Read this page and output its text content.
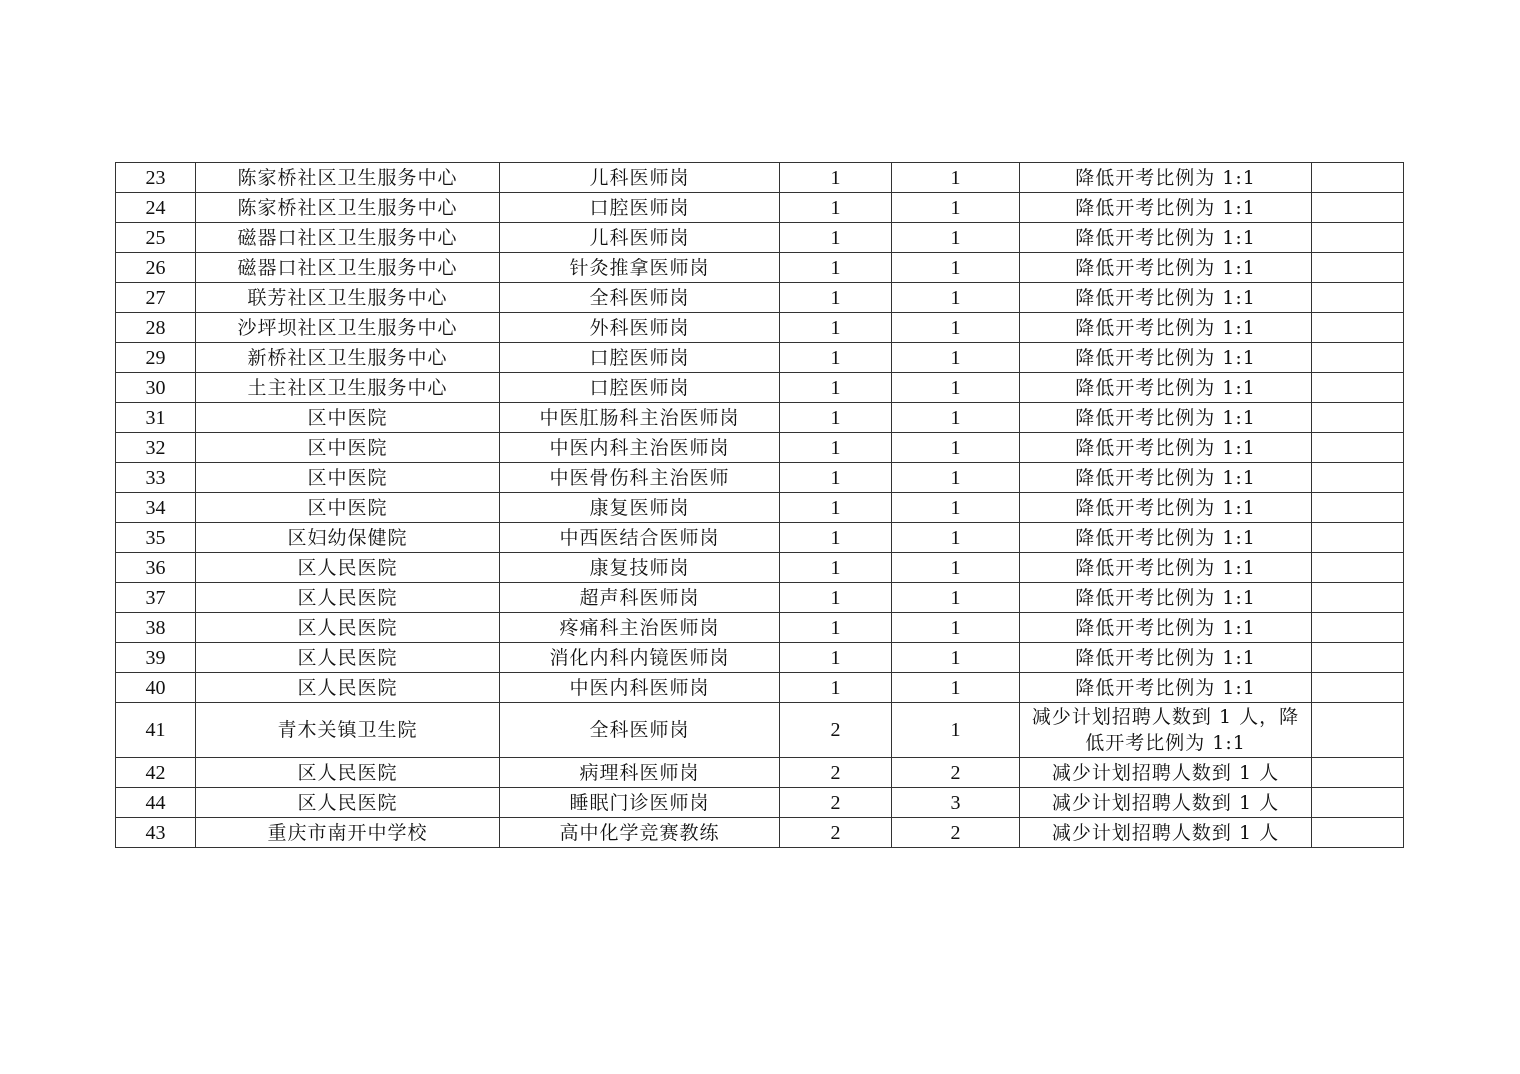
23	陈家桥社区卫生服务中心	儿科医师岗	1	1	降低开考比例为 1:1	
24	陈家桥社区卫生服务中心	口腔医师岗	1	1	降低开考比例为 1:1	
25	磁器口社区卫生服务中心	儿科医师岗	1	1	降低开考比例为 1:1	
26	磁器口社区卫生服务中心	针灸推拿医师岗	1	1	降低开考比例为 1:1	
27	联芳社区卫生服务中心	全科医师岗	1	1	降低开考比例为 1:1	
28	沙坪坝社区卫生服务中心	外科医师岗	1	1	降低开考比例为 1:1	
29	新桥社区卫生服务中心	口腔医师岗	1	1	降低开考比例为 1:1	
30	土主社区卫生服务中心	口腔医师岗	1	1	降低开考比例为 1:1	
31	区中医院	中医肛肠科主治医师岗	1	1	降低开考比例为 1:1	
32	区中医院	中医内科主治医师岗	1	1	降低开考比例为 1:1	
33	区中医院	中医骨伤科主治医师	1	1	降低开考比例为 1:1	
34	区中医院	康复医师岗	1	1	降低开考比例为 1:1	
35	区妇幼保健院	中西医结合医师岗	1	1	降低开考比例为 1:1	
36	区人民医院	康复技师岗	1	1	降低开考比例为 1:1	
37	区人民医院	超声科医师岗	1	1	降低开考比例为 1:1	
38	区人民医院	疼痛科主治医师岗	1	1	降低开考比例为 1:1	
39	区人民医院	消化内科内镜医师岗	1	1	降低开考比例为 1:1	
40	区人民医院	中医内科医师岗	1	1	降低开考比例为 1:1	
41	青木关镇卫生院	全科医师岗	2	1	减少计划招聘人数到 1 人，降低开考比例为 1:1	
42	区人民医院	病理科医师岗	2	2	减少计划招聘人数到 1 人	
44	区人民医院	睡眠门诊医师岗	2	3	减少计划招聘人数到 1 人	
43	重庆市南开中学校	高中化学竞赛教练	2	2	减少计划招聘人数到 1 人	
